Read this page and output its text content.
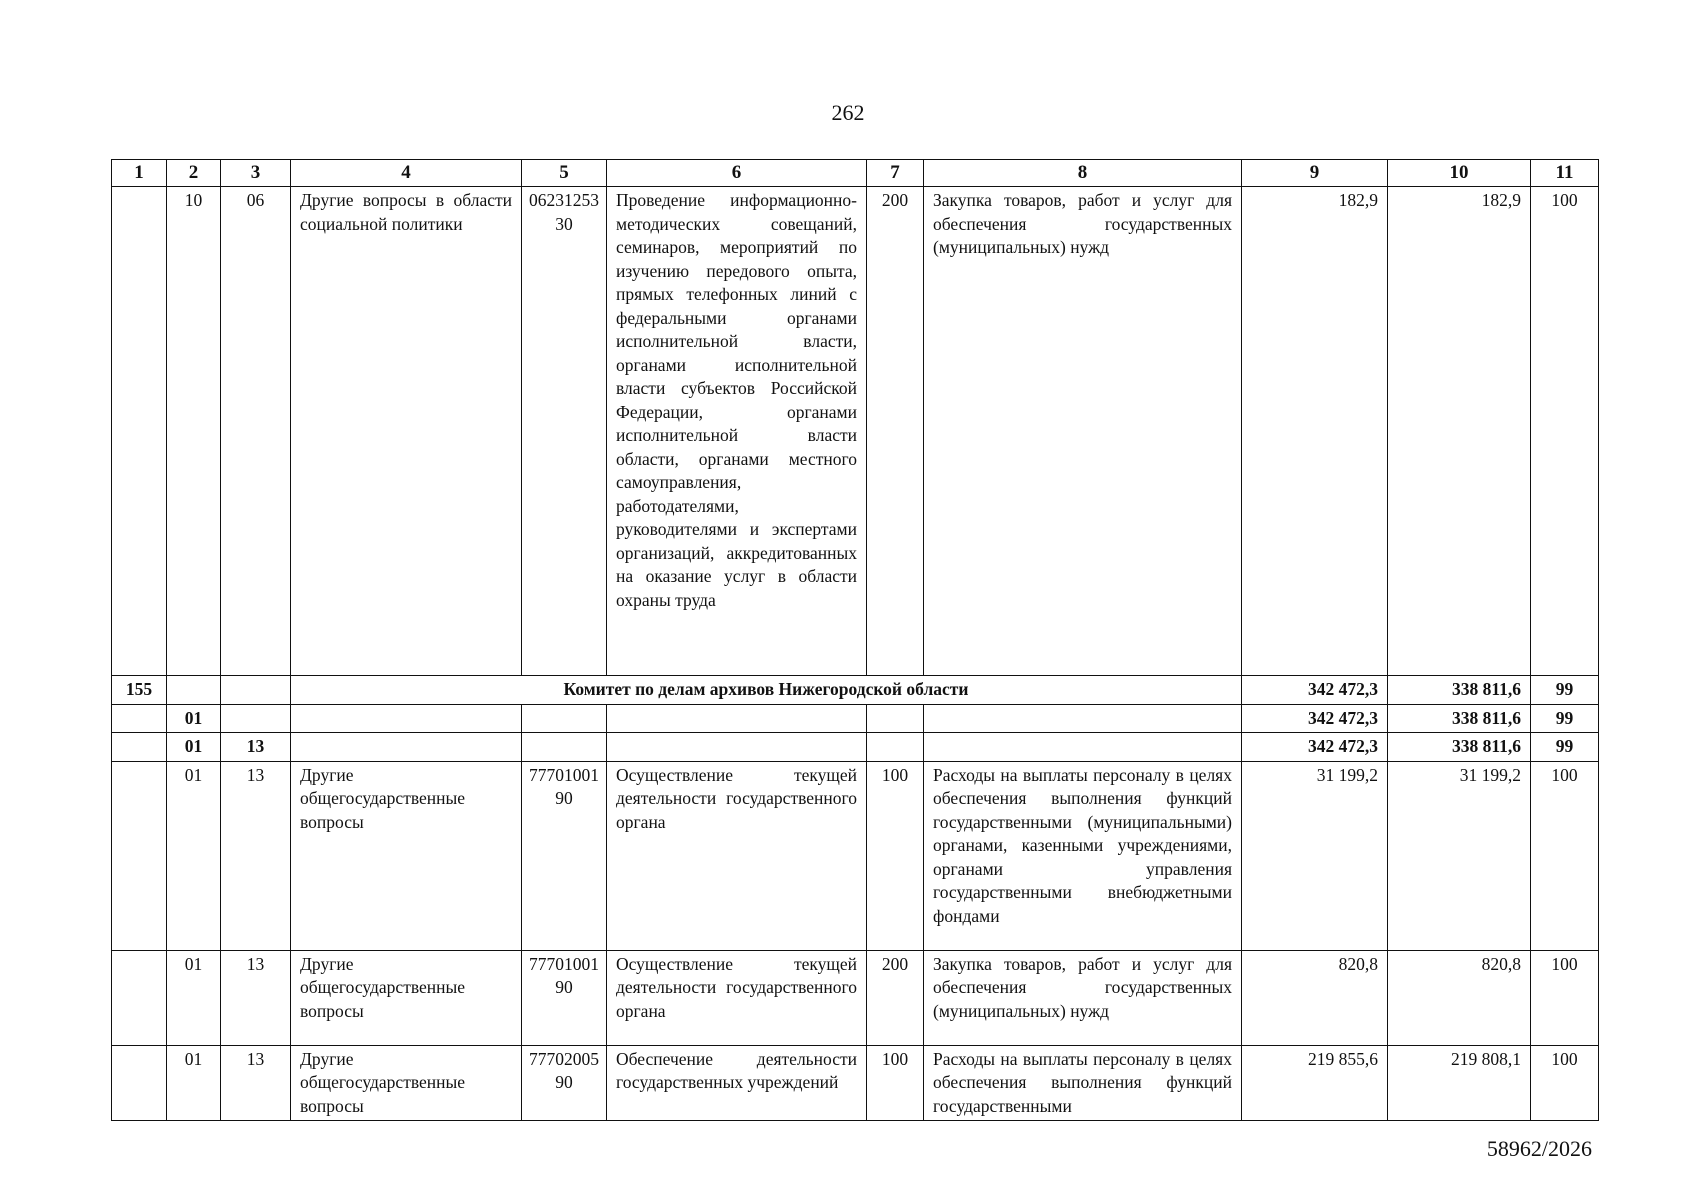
262
1	2	3	4	5	6	7	8	9	10	11
	10	06	Другие вопросы в области социальной политики	0623125330	Проведение информационно-методических совещаний, семинаров, мероприятий по изучению передового опыта, прямых телефонных линий с федеральными органами исполнительной власти, органами исполнительной власти субъектов Российской Федерации, органами исполнительной власти области, органами местного самоуправления, работодателями, руководителями и экспертами организаций, аккредитованных на оказание услуг в области охраны труда	200	Закупка товаров, работ и услуг для обеспечения государственных (муниципальных) нужд	182,9	182,9	100
155			Комитет по делам архивов Нижегородской области					342 472,3	338 811,6	99
	01							342 472,3	338 811,6	99
	01	13						342 472,3	338 811,6	99
	01	13	Другие общегосударственные вопросы	7770100190	Осуществление текущей деятельности государственного органа	100	Расходы на выплаты персоналу в целях обеспечения выполнения функций государственными (муниципальными) органами, казенными учреждениями, органами управления государственными внебюджетными фондами	31 199,2	31 199,2	100
	01	13	Другие общегосударственные вопросы	7770100190	Осуществление текущей деятельности государственного органа	200	Закупка товаров, работ и услуг для обеспечения государственных (муниципальных) нужд	820,8	820,8	100
	01	13	Другие общегосударственные вопросы	7770200590	Обеспечение деятельности государственных учреждений	100	Расходы на выплаты персоналу в целях обеспечения выполнения функций государственными	219 855,6	219 808,1	100
58962/2026
